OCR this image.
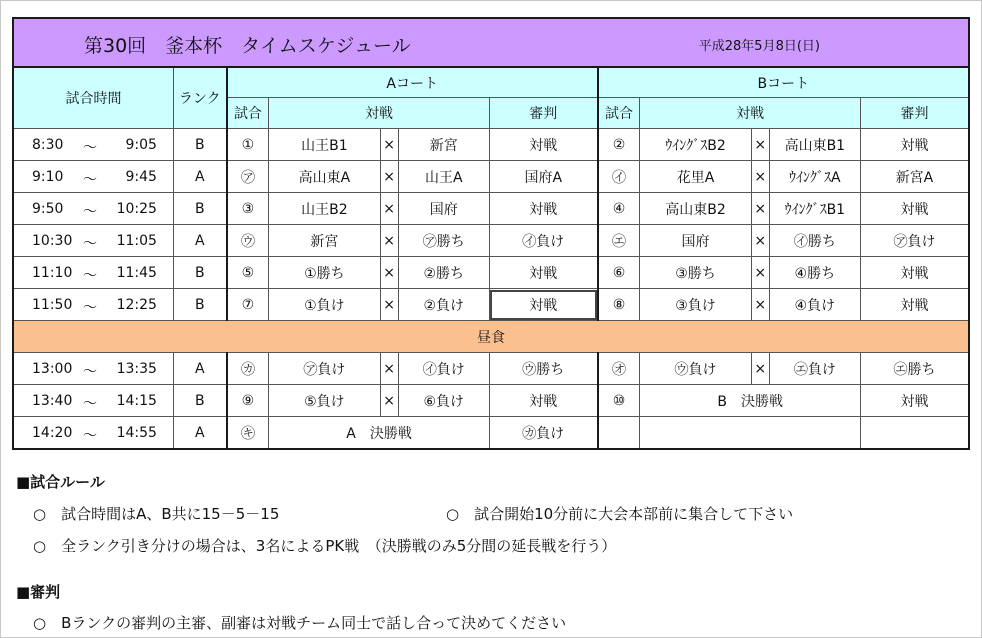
第30回　釜本杯　タイムスケジュール 平成28年5月8日(日)											

試合時間	ランク	Aコート					Bコート				
		試合	対戦			審判	試合	対戦			審判

8:30 ～ 9:05	B	①	山王B1	×	新宮	対戦	②	ｳｲﾝｸﾞｽB2	×	高山東B1	対戦

9:10 ～ 9:45	A	㋐	高山東A	×	山王A	国府A	㋑	花里A	×	ｳｲﾝｸﾞｽA	新宮A

9:50 ～ 10:25	B	③	山王B2	×	国府	対戦	④	高山東B2	×	ｳｲﾝｸﾞｽB1	対戦

10:30 ～ 11:05	A	㋒	新宮	×	㋐勝ち	㋑負け	㋓	国府	×	㋑勝ち	㋐負け

11:10 ～ 11:45	B	⑤	①勝ち	×	②勝ち	対戦	⑥	③勝ち	×	④勝ち	対戦

11:50 ～ 12:25	B	⑦	①負け	×	②負け	対戦	⑧	③負け	×	④負け	対戦
昼食											

13:00 ～ 13:35	A	㋕	㋐負け	×	㋑負け	㋒勝ち	㋔	㋒負け	×	㋓負け	㋓勝ち

13:40 ～ 14:15	B	⑨	⑤負け	×	⑥負け	対戦	⑩	B　決勝戦			対戦

14:20 ～ 14:55	A	㋖	A　決勝戦			㋕負け					
■試合ルール
○　試合時間はA、B共に15－5－15	○　試合開始10分前に大会本部前に集合して下さい
○　全ランク引き分けの場合は、3名によるPK戦　（決勝戦のみ5分間の延長戦を行う）
■審判
○　Bランクの審判の主審、副審は対戦チーム同士で話し合って決めてください
